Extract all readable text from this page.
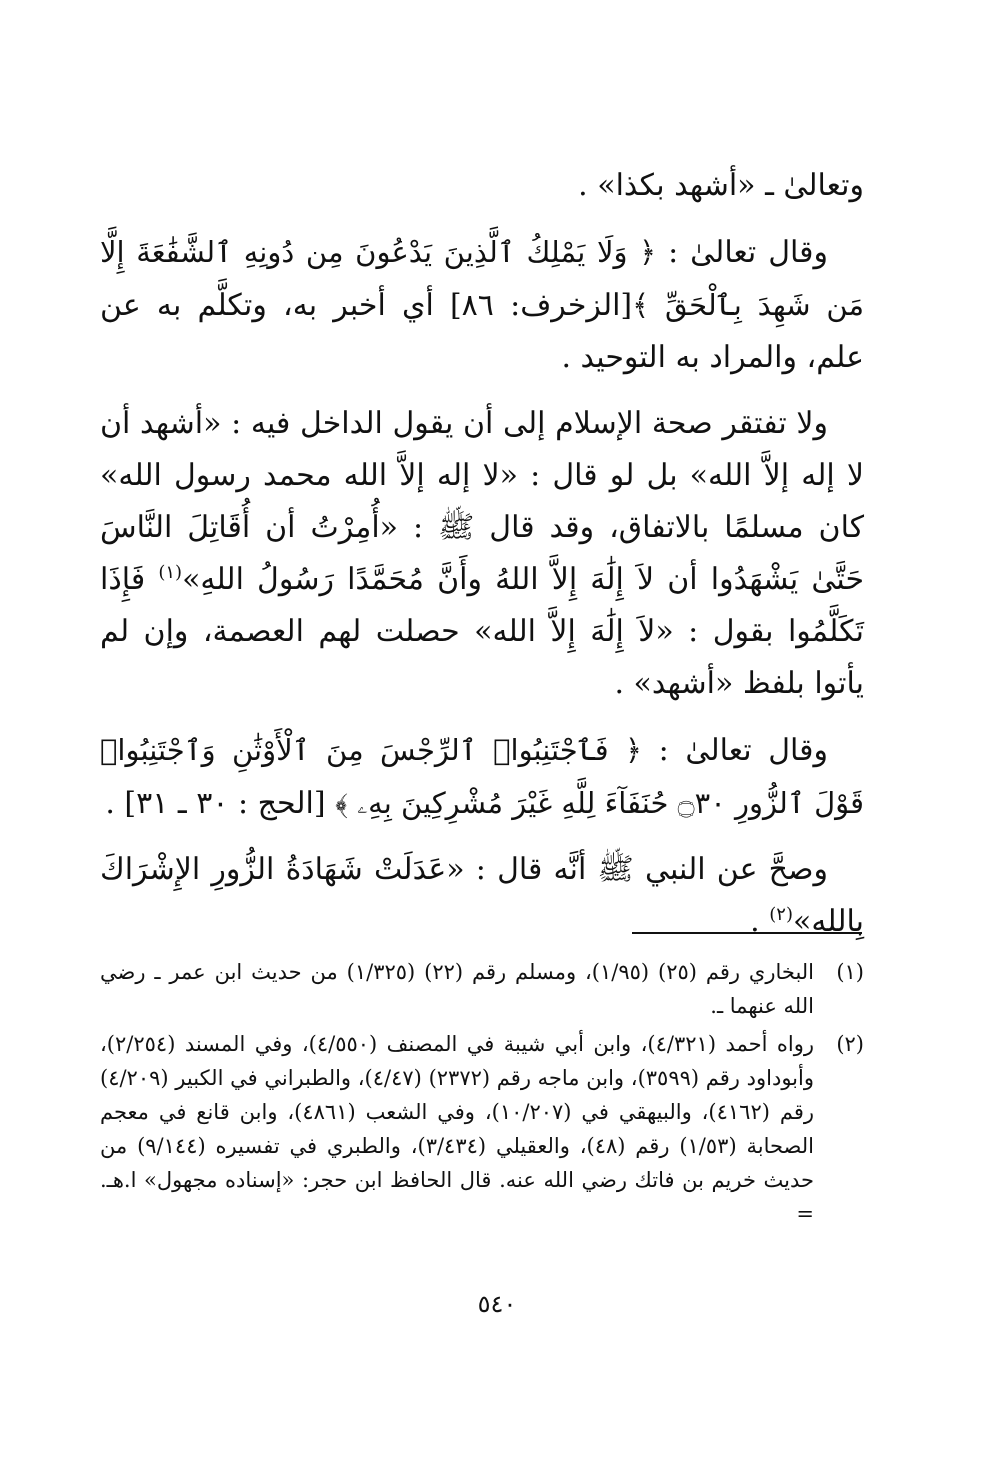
وتعالىٰ ـ «أشهد بكذا» .

وقال تعالىٰ : ﴿ وَلَا يَمْلِكُ ٱلَّذِينَ يَدْعُونَ مِن دُونِهِ ٱلشَّفَٰعَةَ إِلَّا مَن شَهِدَ بِٱلْحَقِّ ﴾[الزخرف: ٨٦] أي أخبر به، وتكلَّم به عن علم، والمراد به التوحيد .

ولا تفتقر صحة الإسلام إلى أن يقول الداخل فيه : «أشهد أن لا إله إلاَّ الله» بل لو قال : «لا إله إلاَّ الله محمد رسول الله» كان مسلمًا بالاتفاق، وقد قال ﷺ : «أُمِرْتُ أن أُقَاتِلَ النَّاسَ حَتَّىٰ يَشْهَدُوا أن لاَ إِلَٰهَ إِلاَّ اللهُ وأَنَّ مُحَمَّدًا رَسُولُ اللهِ»$^{(١)}$ فَإِذَا تَكَلَّمُوا بقول : «لاَ إِلَٰهَ إِلاَّ الله» حصلت لهم العصمة، وإن لم يأتوا بلفظ «أشهد» .

وقال تعالىٰ : ﴿ فَٱجْتَنِبُوا۟ ٱلرِّجْسَ مِنَ ٱلْأَوْثَٰنِ وَٱجْتَنِبُوا۟ قَوْلَ ٱلزُّورِ ۝٣٠ حُنَفَآءَ لِلَّهِ غَيْرَ مُشْرِكِينَ بِهِۦ ﴾ [الحج : ٣٠ ـ ٣١] .

وصحَّ عن النبي ﷺ أنَّه قال : «عَدَلَتْ شَهَادَةُ الزُّورِ الإِشْرَاكَ بِالله»$^{(٢)}$ .

(١)
البخاري رقم (٢٥) (١/٩٥)، ومسلم رقم (٢٢) (١/٣٢٥) من حديث ابن عمر ـ رضي الله عنهما ـ.
(٢)
رواه أحمد (٤/٣٢١)، وابن أبي شيبة في المصنف (٤/٥٥٠)، وفي المسند (٢/٢٥٤)، وأبوداود رقم (٣٥٩٩)، وابن ماجه رقم (٢٣٧٢) (٤/٤٧)، والطبراني في الكبير (٤/٢٠٩) رقم (٤١٦٢)، والبيهقي في (١٠/٢٠٧)، وفي الشعب (٤٨٦١)، وابن قانع في معجم الصحابة (١/٥٣) رقم (٤٨)، والعقيلي (٣/٤٣٤)، والطبري في تفسيره (٩/١٤٤) من حديث خريم بن فاتك رضي الله عنه. قال الحافظ ابن حجر: «إسناده مجهول» ا.هـ. =
٥٤٠
